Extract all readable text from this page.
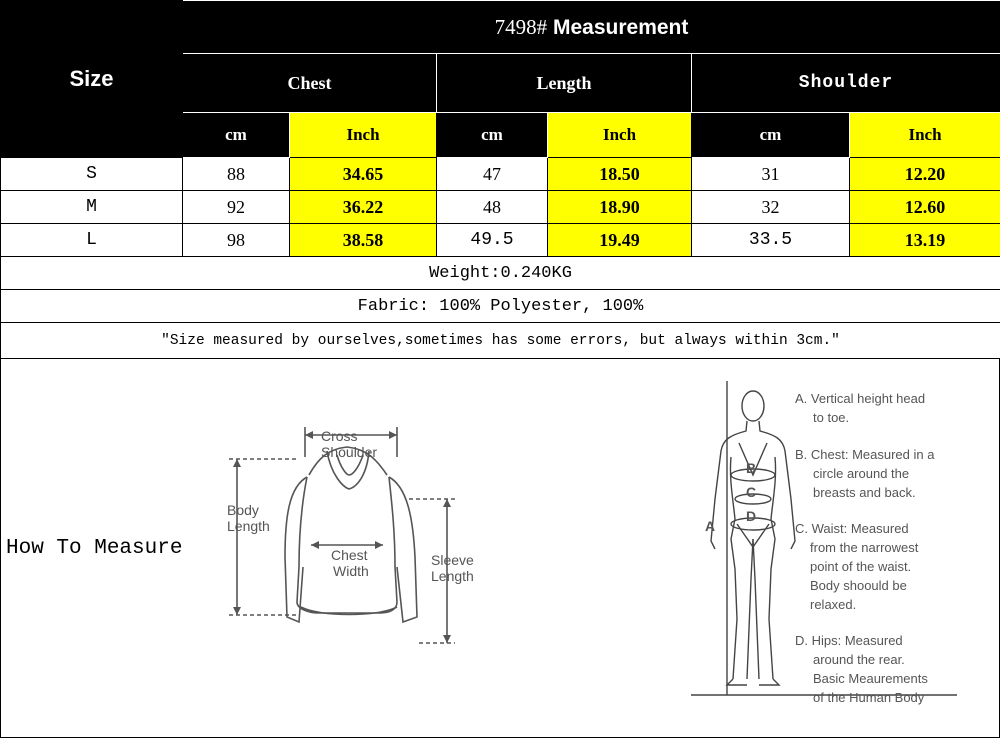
Size	7498# Measurement					
	Chest		Length		Shoulder	
	cm	Inch	cm	Inch	cm	Inch
S	88	34.65	47	18.50	31	12.20
M	92	36.22	48	18.90	32	12.60
L	98	38.58	49.5	19.49	33.5	13.19
Weight:0.240KG						
Fabric: 100% Polyester, 100%						
"Size measured by ourselves,sometimes has some errors, but always within 3cm."						
How To Measure
Cross
Shoulder
Body
Length
Chest
Width
Sleeve
Length
A
B
C
D
A. Vertical height head
to toe.
B. Chest: Measured in a
circle around the
breasts and back.
C. Waist: Measured
from the narrowest
point of the waist.
Body shoould be
relaxed.
D. Hips: Measured
around the rear.
Basic Meaurements
of the Human Body
